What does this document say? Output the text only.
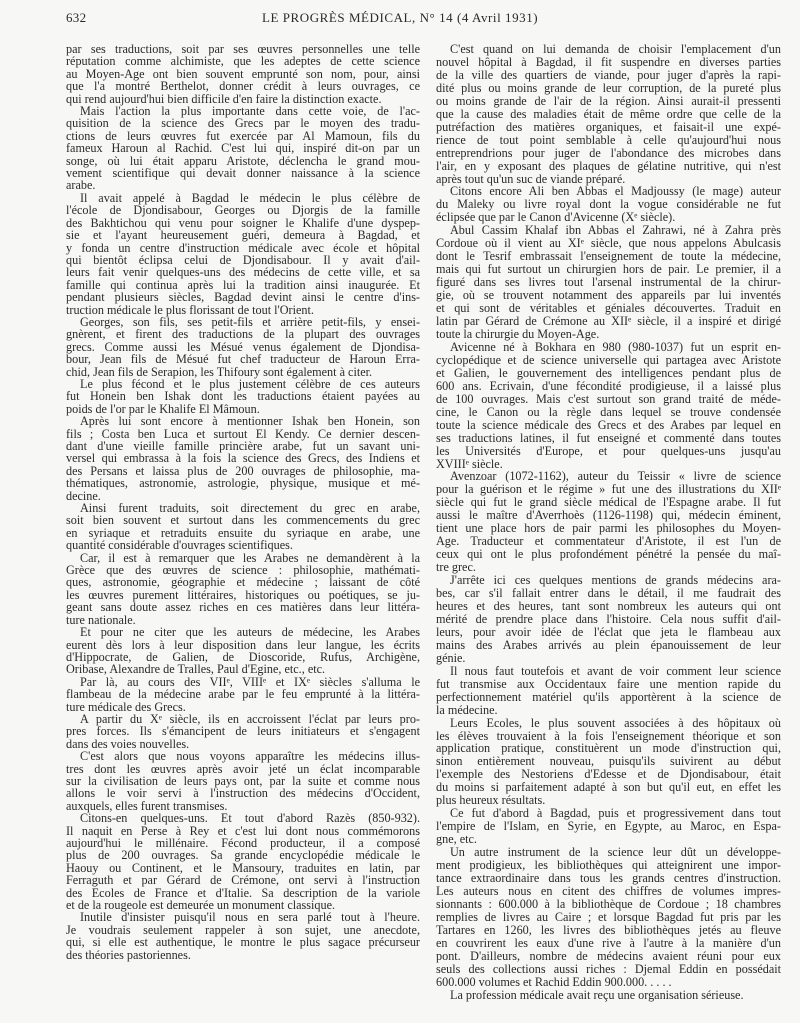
632	LE PROGRÈS MÉDICAL, N° 14 (4 Avril 1931)
par ses traductions, soit par ses œuvres personnelles une telle
réputation comme alchimiste, que les adeptes de cette science
au Moyen-Age ont bien souvent emprunté son nom, pour, ainsi
que l'a montré Berthelot, donner crédit à leurs ouvrages, ce
qui rend aujourd'hui bien difficile d'en faire la distinction exacte.
Mais l'action la plus importante dans cette voie, de l'ac-
quisition de la science des Grecs par le moyen des tradu-
ctions de leurs œuvres fut exercée par Al Mamoun, fils du
fameux Haroun al Rachid. C'est lui qui, inspiré dit-on par un
songe, où lui était apparu Aristote, déclencha le grand mou-
vement scientifique qui devait donner naissance à la science
arabe.
Il avait appelé à Bagdad le médecin le plus célèbre de
l'école de Djondisabour, Georges ou Djorgis de la famille
des Bakhtichou qui venu pour soigner le Khalife d'une dyspep-
sie et l'ayant heureusement guéri, demeura à Bagdad, et
y fonda un centre d'instruction médicale avec école et hôpital
qui bientôt éclipsa celui de Djondisabour. Il y avait d'ail-
leurs fait venir quelques-uns des médecins de cette ville, et sa
famille qui continua après lui la tradition ainsi inaugurée. Et
pendant plusieurs siècles, Bagdad devint ainsi le centre d'ins-
truction médicale le plus florissant de tout l'Orient.
Georges, son fils, ses petit-fils et arrière petit-fils, y ensei-
gnèrent, et firent des traductions de la plupart des ouvrages
grecs. Comme aussi les Mésué venus également de Djondisa-
bour, Jean fils de Mésué fut chef traducteur de Haroun Erra-
chid, Jean fils de Serapion, les Thifoury sont également à citer.
Le plus fécond et le plus justement célèbre de ces auteurs
fut Honein ben Ishak dont les traductions étaient payées au
poids de l'or par le Khalife El Mâmoun.
Après lui sont encore à mentionner Ishak ben Honein, son
fils ; Costa ben Luca et surtout El Kendy. Ce dernier descen-
dant d'une vieille famille princière arabe, fut un savant uni-
versel qui embrassa à la fois la science des Grecs, des Indiens et
des Persans et laissa plus de 200 ouvrages de philosophie, ma-
thématiques, astronomie, astrologie, physique, musique et mé-
decine.
Ainsi furent traduits, soit directement du grec en arabe,
soit bien souvent et surtout dans les commencements du grec
en syriaque et retraduits ensuite du syriaque en arabe, une
quantité considérable d'ouvrages scientifiques.
Car, il est à remarquer que les Arabes ne demandèrent à la
Grèce que des œuvres de science : philosophie, mathémati-
ques, astronomie, géographie et médecine ; laissant de côté
les œuvres purement littéraires, historiques ou poétiques, se ju-
geant sans doute assez riches en ces matières dans leur littéra-
ture nationale.
Et pour ne citer que les auteurs de médecine, les Arabes
eurent dès lors à leur disposition dans leur langue, les écrits
d'Hippocrate, de Galien, de Dioscoride, Rufus, Archigène,
Oribase, Alexandre de Tralles, Paul d'Egine, etc., etc.
Par là, au cours des VIIᵉ, VIIIᵉ et IXᵉ siècles s'alluma le
flambeau de la médecine arabe par le feu emprunté à la littéra-
ture médicale des Grecs.
A partir du Xᵉ siècle, ils en accroissent l'éclat par leurs pro-
pres forces. Ils s'émancipent de leurs initiateurs et s'engagent
dans des voies nouvelles.
C'est alors que nous voyons apparaître les médecins illus-
tres dont les œuvres après avoir jeté un éclat incomparable
sur la civilisation de leurs pays ont, par la suite et comme nous
allons le voir servi à l'instruction des médecins d'Occident,
auxquels, elles furent transmises.
Citons-en quelques-uns. Et tout d'abord Razès (850-932).
Il naquit en Perse à Rey et c'est lui dont nous commémorons
aujourd'hui le millénaire. Fécond producteur, il a composé
plus de 200 ouvrages. Sa grande encyclopédie médicale le
Haouy ou Continent, et le Mansoury, traduites en latin, par
Ferraguth et par Gérard de Crémone, ont servi à l'instruction
des Ecoles de France et d'Italie. Sa description de la variole
et de la rougeole est demeurée un monument classique.
Inutile d'insister puisqu'il nous en sera parlé tout à l'heure.
Je voudrais seulement rappeler à son sujet, une anecdote,
qui, si elle est authentique, le montre le plus sagace précurseur
des théories pastoriennes.
C'est quand on lui demanda de choisir l'emplacement d'un
nouvel hôpital à Bagdad, il fit suspendre en diverses parties
de la ville des quartiers de viande, pour juger d'après la rapi-
dité plus ou moins grande de leur corruption, de la pureté plus
ou moins grande de l'air de la région. Ainsi aurait-il pressenti
que la cause des maladies était de même ordre que celle de la
putréfaction des matières organiques, et faisait-il une expé-
rience de tout point semblable à celle qu'aujourd'hui nous
entreprendrions pour juger de l'abondance des microbes dans
l'air, en y exposant des plaques de gélatine nutritive, qui n'est
après tout qu'un suc de viande préparé.
Citons encore Ali ben Abbas el Madjoussy (le mage) auteur
du Maleky ou livre royal dont la vogue considérable ne fut
éclipsée que par le Canon d'Avicenne (Xᵉ siècle).
Abul Cassim Khalaf ibn Abbas el Zahrawi, né à Zahra près
Cordoue où il vient au XIᵉ siècle, que nous appelons Abulcasis
dont le Tesrif embrassait l'enseignement de toute la médecine,
mais qui fut surtout un chirurgien hors de pair. Le premier, il a
figuré dans ses livres tout l'arsenal instrumental de la chirur-
gie, où se trouvent notamment des appareils par lui inventés
et qui sont de véritables et géniales découvertes. Traduit en
latin par Gérard de Crémone au XIIᵉ siècle, il a inspiré et dirigé
toute la chirurgie du Moyen-Age.
Avicenne né à Bokhara en 980 (980-1037) fut un esprit en-
cyclopédique et de science universelle qui partagea avec Aristote
et Galien, le gouvernement des intelligences pendant plus de
600 ans. Ecrivain, d'une fécondité prodigieuse, il a laissé plus
de 100 ouvrages. Mais c'est surtout son grand traité de méde-
cine, le Canon ou la règle dans lequel se trouve condensée
toute la science médicale des Grecs et des Arabes par lequel en
ses traductions latines, il fut enseigné et commenté dans toutes
les Universités d'Europe, et pour quelques-uns jusqu'au
XVIIIᵉ siècle.
Avenzoar (1072-1162), auteur du Teissir « livre de science
pour la guérison et le régime » fut une des illustrations du XIIᵉ
siècle qui fut le grand siècle médical de l'Espagne arabe. Il fut
aussi le maître d'Averrhoès (1126-1198) qui, médecin éminent,
tient une place hors de pair parmi les philosophes du Moyen-
Age. Traducteur et commentateur d'Aristote, il est l'un de
ceux qui ont le plus profondément pénétré la pensée du maî-
tre grec.
J'arrête ici ces quelques mentions de grands médecins ara-
bes, car s'il fallait entrer dans le détail, il me faudrait des
heures et des heures, tant sont nombreux les auteurs qui ont
mérité de prendre place dans l'histoire. Cela nous suffit d'ail-
leurs, pour avoir idée de l'éclat que jeta le flambeau aux
mains des Arabes arrivés au plein épanouissement de leur
génie.
Il nous faut toutefois et avant de voir comment leur science
fut transmise aux Occidentaux faire une mention rapide du
perfectionnement matériel qu'ils apportèrent à la science de
la médecine.
Leurs Ecoles, le plus souvent associées à des hôpitaux où
les élèves trouvaient à la fois l'enseignement théorique et son
application pratique, constituèrent un mode d'instruction qui,
sinon entièrement nouveau, puisqu'ils suivirent au début
l'exemple des Nestoriens d'Edesse et de Djondisabour, était
du moins si parfaitement adapté à son but qu'il eut, en effet les
plus heureux résultats.
Ce fut d'abord à Bagdad, puis et progressivement dans tout
l'empire de l'Islam, en Syrie, en Egypte, au Maroc, en Espa-
gne, etc.
Un autre instrument de la science leur dût un développe-
ment prodigieux, les bibliothèques qui atteignirent une impor-
tance extraordinaire dans tous les grands centres d'instruction.
Les auteurs nous en citent des chiffres de volumes impres-
sionnants : 600.000 à la bibliothèque de Cordoue ; 18 chambres
remplies de livres au Caire ; et lorsque Bagdad fut pris par les
Tartares en 1260, les livres des bibliothèques jetés au fleuve
en couvrirent les eaux d'une rive à l'autre à la manière d'un
pont. D'ailleurs, nombre de médecins avaient réuni pour eux
seuls des collections aussi riches : Djemal Eddin en possédait
600.000 volumes et Rachid Eddin 900.000. . . . .
La profession médicale avait reçu une organisation sérieuse.
